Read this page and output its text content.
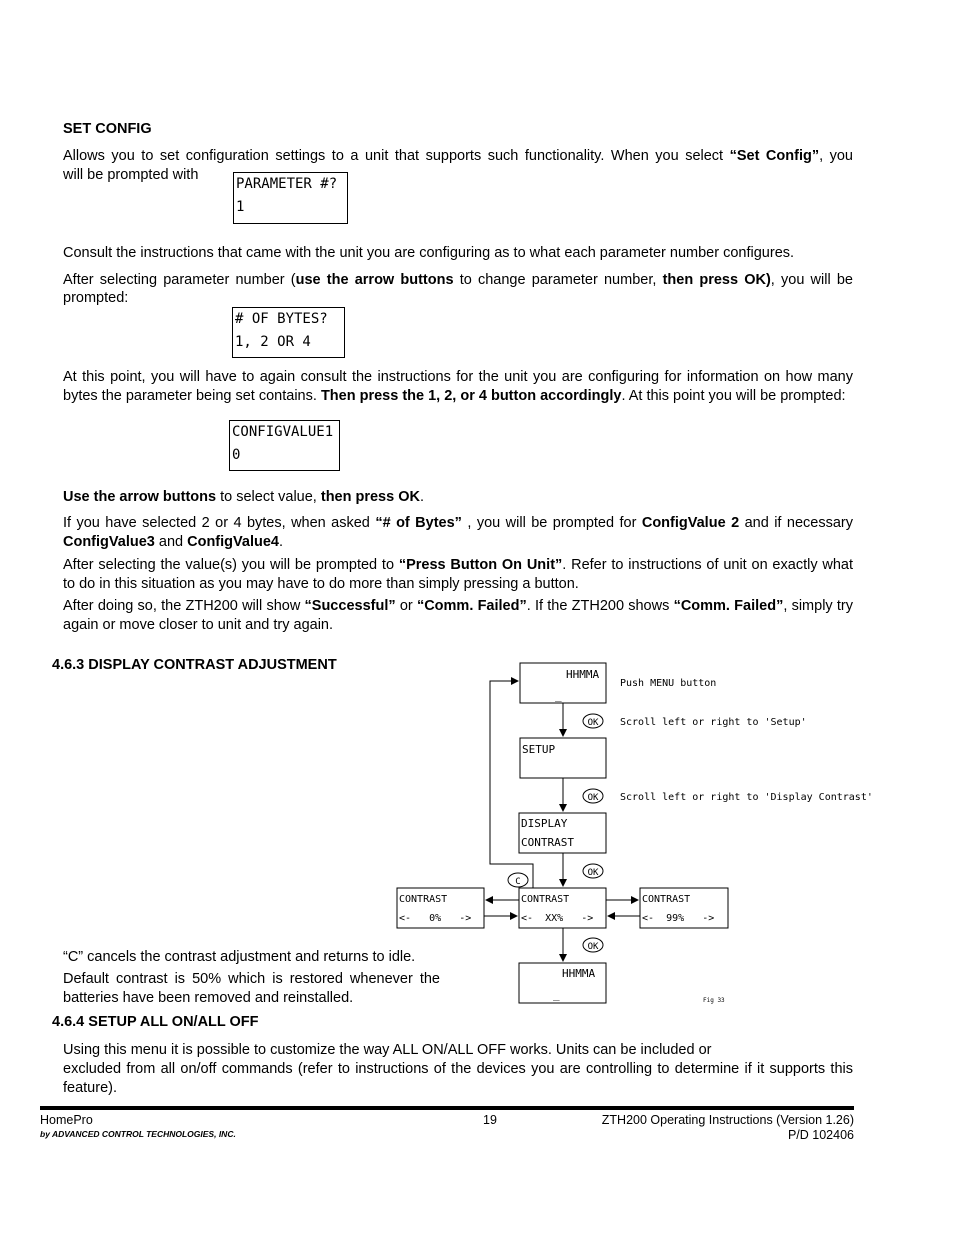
SET CONFIG
Allows you to set configuration settings to a unit that supports such functionality. When you select “Set Config”, you
will be prompted with
PARAMETER #?
1
Consult the instructions that came with the unit you are configuring as to what each parameter number configures.
After selecting parameter number (use the arrow buttons to change parameter number, then press OK), you will be
prompted:
# OF BYTES?
1, 2 OR 4
At this point, you will have to again consult the instructions for the unit you are configuring for information on how many bytes the parameter being set contains. Then press the 1, 2, or 4 button accordingly. At this point you will be prompted:
CONFIGVALUE1
0
Use the arrow buttons to select value, then press OK.
If you have selected 2 or 4 bytes, when asked “# of Bytes” , you will be prompted for ConfigValue 2 and if necessary ConfigValue3 and ConfigValue4.
After selecting the value(s) you will be prompted to “Press Button On Unit”. Refer to instructions of unit on exactly what to do in this situation as you may have to do more than simply pressing a button.
After doing so, the ZTH200 will show “Successful” or “Comm. Failed”. If the ZTH200 shows “Comm. Failed”, simply try again or move closer to unit and try again.
4.6.3 DISPLAY CONTRAST ADJUSTMENT
“C” cancels the contrast adjustment and returns to idle.
Default contrast is 50% which is restored whenever the batteries have been removed and reinstalled.
HHMMA
_
Push MENU button
OK Scroll left or right to 'Setup'
SETUP
OK Scroll left or right to 'Display Contrast'
DISPLAY
CONTRAST
OK
C
CONTRAST
<-   0%   ->
CONTRAST
<-  XX%   ->
CONTRAST
<-  99%   ->
OK
HHMMA
_	Fig 33
4.6.4 SETUP ALL ON/ALL OFF
Using this menu it is possible to customize the way ALL ON/ALL OFF works. Units can be included or
excluded from all on/off commands (refer to instructions of the devices you are controlling to determine if it supports this feature).
HomePro
by ADVANCED CONTROL TECHNOLOGIES, INC.
19	ZTH200 Operating Instructions (Version 1.26)
P/D 102406
